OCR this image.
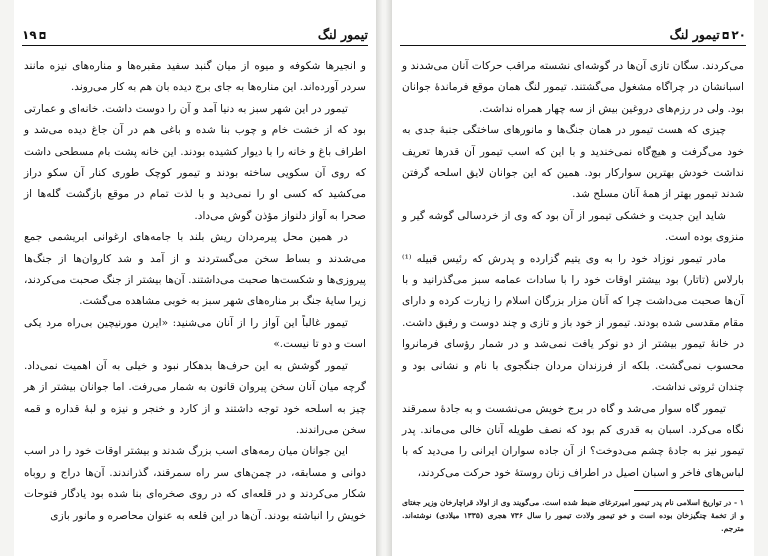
تیمور لنگ
◘۱۹

و انجیرها شکوفه و میوه از میان گنبد سفید مقبره‌ها و مناره‌های نیزه مانند سردر آورده‌اند. این مناره‌ها به جای برج دیده بان هم به کار می‌روند.

تیمور در این شهر سبز به دنیا آمد و آن را دوست داشت. خانه‌ای و عمارتی بود که از خشت خام و چوب بنا شده و باغی هم در آن جاغ دیده می‌شد و اطراف باغ و خانه را با دیوار کشیده بودند. این خانه پشت بام مسطحی داشت که روی آن سکویی ساخته بودند و تیمور کوچک طوری کنار آن سکو دراز می‌کشید که کسی او را نمی‌دید و با لذت تمام در موقع بازگشت گله‌ها از صحرا به آواز دلنواز مؤذن گوش می‌داد.

در همین محل پیرمردان ریش بلند با جامه‌های ارغوانی ابریشمی جمع می‌شدند و بساط سخن می‌گستردند و از آمد و شد کاروان‌ها از جنگ‌ها پیروزی‌ها و شکست‌ها صحبت می‌داشتند. آن‌ها بیشتر از جنگ صحبت می‌کردند، زیرا سایهٔ جنگ بر مناره‌های شهر سبز به خوبی مشاهده می‌گشت.

تیمور غالباً این آواز را از آنان می‌شنید: «ایرن مورنیچین بی‌راه مرد یکی است و دو تا نیست.»

تیمور گوشش به این حرف‌ها بدهکار نبود و خیلی به آن اهمیت نمی‌داد. گرچه میان آنان سخن پیروان قانون به شمار می‌رفت. اما جوانان بیشتر از هر چیز به اسلحه خود توجه داشتند و از کارد و خنجر و نیزه و لبهٔ قداره و قمه سخن می‌راندند.

این جوانان میان رمه‌های اسب بزرگ شدند و بیشتر اوقات خود را در اسب دوانی و مسابقه، در چمن‌های سر راه سمرقند، گذراندند. آن‌ها دراج و روباه شکار می‌کردند و در قلعه‌ای که در روی صخره‌ای بنا شده بود یادگار فتوحات خویش را انباشته بودند. آن‌ها در این قلعه به عنوان محاصره و مانور بازی

۲۰◘تیمور لنگ

می‌کردند. سگان تازی آن‌ها در گوشه‌ای نشسته مراقب حرکات آنان می‌شدند و اسبانشان در چراگاه مشغول می‌گشتند. تیمور لنگ همان موقع فرماندهٔ جوانان بود. ولی در رزم‌های دروغین بیش از سه چهار همراه نداشت.

چیزی که هست تیمور در همان جنگ‌ها و مانورهای ساختگی جنبهٔ جدی به خود می‌گرفت و هیچ‌گاه نمی‌خندید و با این که اسب تیمور آن قدرها تعریف نداشت خودش بهترین سوارکار بود. همین که این جوانان لایق اسلحه گرفتن شدند تیمور بهتر از همهٔ آنان مسلح شد.

شاید این جدیت و خشکی تیمور از آن بود که وی از خردسالی گوشه گیر و منزوی بوده است.

مادر تیمور نوزاد خود را به وی یتیم گزارده و پدرش که رئیس قبیله ⁽¹⁾ بارلاس (تاتار) بود بیشتر اوقات خود را با سادات عمامه سبز می‌گذرانید و با آن‌ها صحبت می‌داشت چرا که آنان مزار بزرگان اسلام را زیارت کرده و دارای مقام مقدسی شده بودند. تیمور از خود باز و تازی و چند دوست و رفیق داشت. در خانهٔ تیمور بیشتر از دو نوکر یافت نمی‌شد و در شمار رؤسای فرمانروا محسوب نمی‌گشت. بلکه از فرزندان مردان جنگجوی با نام و نشانی بود و چندان ثروتی نداشت.

تیمور گاه سوار می‌شد و گاه در برج خویش می‌نشست و به جادهٔ سمرقند نگاه می‌کرد. اسبان به قدری کم بود که نصف طویله آنان خالی می‌ماند. پدر تیمور نیز به جادهٔ چشم می‌دوخت؟ از آن جاده سواران ایرانی را می‌دید که با لباس‌های فاخر و اسبان اصیل در اطراف زنان روستهٔ خود حرکت می‌کردند،

۱ - در تواریخ اسلامی نام پدر تیمور امیرترغای ضبط شده است. می‌گویند وی از اولاد قراچارخان وزیر جغتای و از تخمهٔ چنگیزخان بوده است و خو تیمور ولادت تیمور را سال ۷۳۶ هجری (۱۳۳۵ میلادی) نوشته‌اند. مترجم.
